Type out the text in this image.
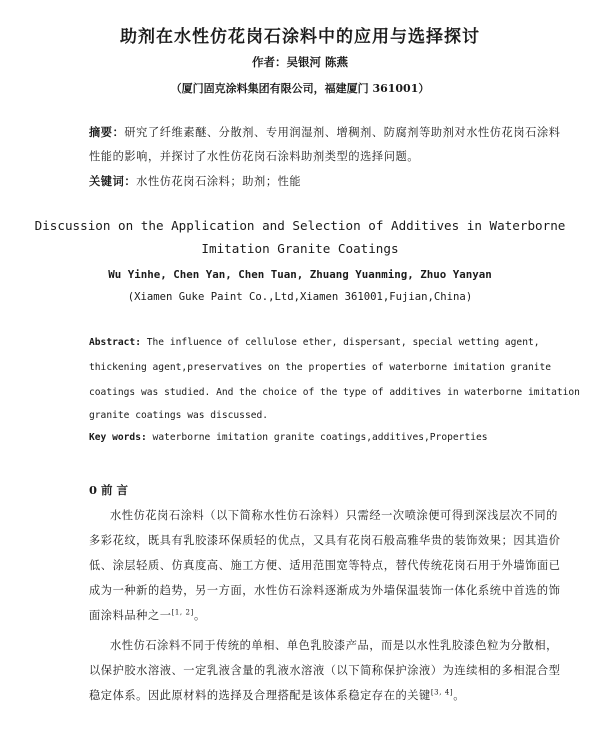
助剂在水性仿花岗石涂料中的应用与选择探讨

作者：吴银河 陈燕

（厦门固克涂料集团有限公司，福建厦门 361001）

摘要：研究了纤维素醚、分散剂、专用润湿剂、增稠剂、防腐剂等助剂对水性仿花岗石涂料

性能的影响，并探讨了水性仿花岗石涂料助剂类型的选择问题。

关键词：水性仿花岗石涂料；助剂；性能

Discussion on the Application and Selection of Additives in Waterborne
Imitation Granite Coatings

Wu Yinhe, Chen Yan, Chen Tuan, Zhuang Yuanming, Zhuo Yanyan

(Xiamen Guke Paint Co.,Ltd,Xiamen 361001,Fujian,China)

Abstract: The influence of cellulose ether, dispersant, special wetting agent,

thickening agent,preservatives on the properties of waterborne imitation granite

coatings was studied. And the choice of the type of additives in waterborne imitation

granite coatings was discussed.

Key words: waterborne imitation granite coatings,additives,Properties

0 前 言

水性仿花岗石涂料（以下简称水性仿石涂料）只需经一次喷涂便可得到深浅层次不同的

多彩花纹，既具有乳胶漆环保质轻的优点，又具有花岗石般高雅华贵的装饰效果；因其造价

低、涂层轻质、仿真度高、施工方便、适用范围宽等特点，替代传统花岗石用于外墙饰面已

成为一种新的趋势，另一方面，水性仿石涂料逐渐成为外墙保温装饰一体化系统中首选的饰

面涂料品种之一[1, 2]。

水性仿石涂料不同于传统的单相、单色乳胶漆产品，而是以水性乳胶漆色粒为分散相，

以保护胶水溶液、一定乳液含量的乳液水溶液（以下简称保护涂液）为连续相的多相混合型

稳定体系。因此原材料的选择及合理搭配是该体系稳定存在的关键[3, 4]。
